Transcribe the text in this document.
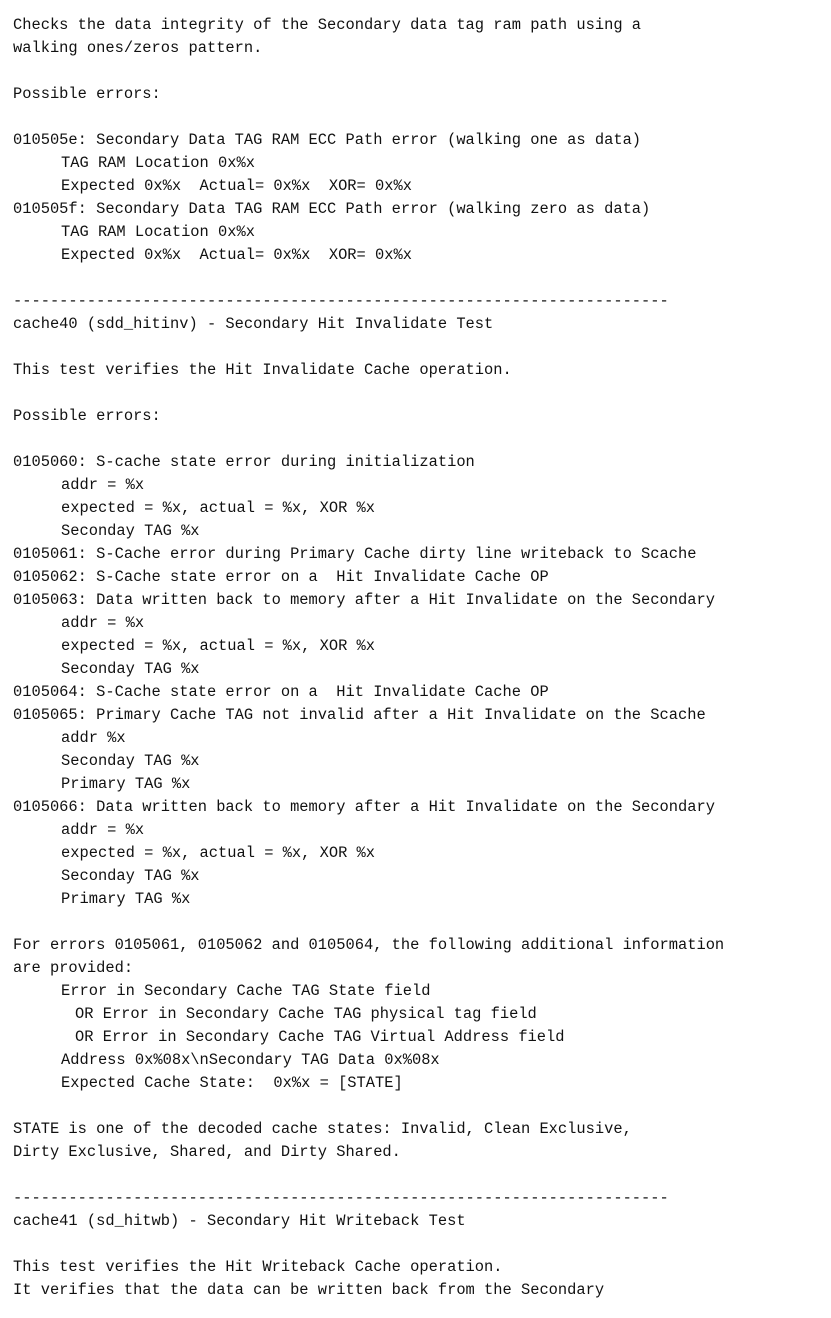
Checks the data integrity of the Secondary data tag ram path using a
walking ones/zeros pattern.
Possible errors:
010505e: Secondary Data TAG RAM ECC Path error (walking one as data)
TAG RAM Location 0x%x
Expected 0x%x  Actual= 0x%x  XOR= 0x%x
010505f: Secondary Data TAG RAM ECC Path error (walking zero as data)
TAG RAM Location 0x%x
Expected 0x%x  Actual= 0x%x  XOR= 0x%x
-----------------------------------------------------------------------
cache40 (sdd_hitinv) - Secondary Hit Invalidate Test
This test verifies the Hit Invalidate Cache operation.
Possible errors:
0105060: S-cache state error during initialization
addr = %x
expected = %x, actual = %x, XOR %x
Seconday TAG %x
0105061: S-Cache error during Primary Cache dirty line writeback to Scache
0105062: S-Cache state error on a  Hit Invalidate Cache OP
0105063: Data written back to memory after a Hit Invalidate on the Secondary
addr = %x
expected = %x, actual = %x, XOR %x
Seconday TAG %x
0105064: S-Cache state error on a  Hit Invalidate Cache OP
0105065: Primary Cache TAG not invalid after a Hit Invalidate on the Scache
addr %x
Seconday TAG %x
Primary TAG %x
0105066: Data written back to memory after a Hit Invalidate on the Secondary
addr = %x
expected = %x, actual = %x, XOR %x
Seconday TAG %x
Primary TAG %x
For errors 0105061, 0105062 and 0105064, the following additional information
are provided:
Error in Secondary Cache TAG State field
OR Error in Secondary Cache TAG physical tag field
OR Error in Secondary Cache TAG Virtual Address field
Address 0x%08x\nSecondary TAG Data 0x%08x
Expected Cache State:  0x%x = [STATE]
STATE is one of the decoded cache states: Invalid, Clean Exclusive,
Dirty Exclusive, Shared, and Dirty Shared.
-----------------------------------------------------------------------
cache41 (sd_hitwb) - Secondary Hit Writeback Test
This test verifies the Hit Writeback Cache operation.
It verifies that the data can be written back from the Secondary
